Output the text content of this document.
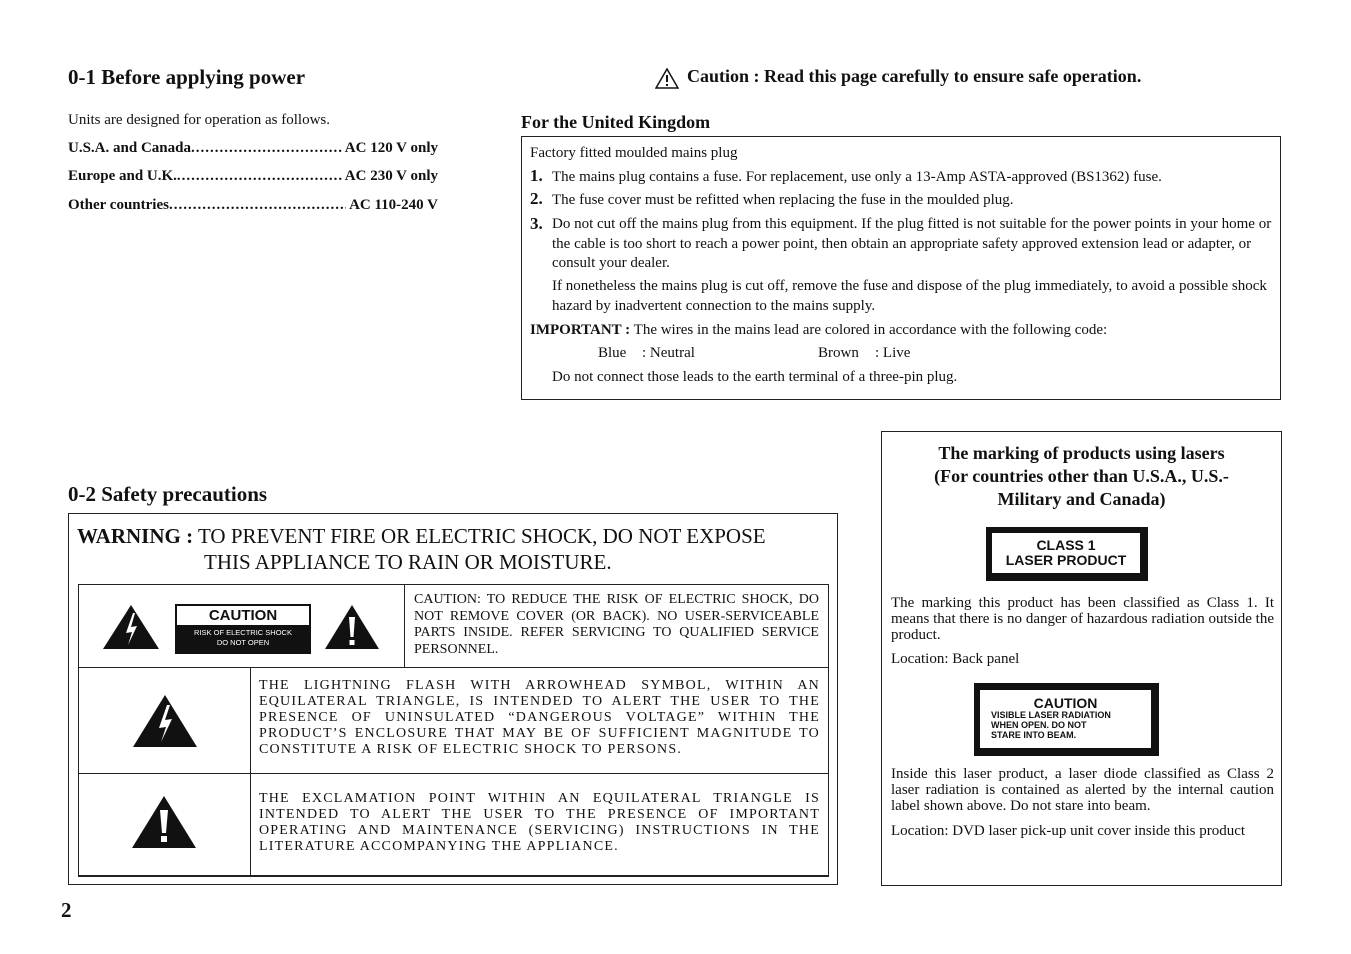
0-1 Before applying power
Units are designed for operation as follows.
U.S.A. and Canada .....	AC 120 V only
Europe and U.K. .....	AC 230 V only
Other countries .....	AC 110-240 V
Caution : Read this page carefully to ensure safe operation.
For the United Kingdom
Factory fitted moulded mains plug
1. The mains plug contains a fuse. For replacement, use only a 13-Amp ASTA-approved (BS1362) fuse.
2. The fuse cover must be refitted when replacing the fuse in the moulded plug.
3. Do not cut off the mains plug from this equipment. If the plug fitted is not suitable for the power points in your home or the cable is too short to reach a power point, then obtain an appropriate safety approved extension lead or adapter, or consult your dealer.
If nonetheless the mains plug is cut off, remove the fuse and dispose of the plug immediately, to avoid a possible shock hazard by inadvertent connection to the mains supply.
IMPORTANT : The wires in the mains lead are colored in accordance with the following code:
Blue : Neutral	Brown : Live
Do not connect those leads to the earth terminal of a three-pin plug.
0-2 Safety precautions
WARNING : TO PREVENT FIRE OR ELECTRIC SHOCK, DO NOT EXPOSE
THIS APPLIANCE TO RAIN OR MOISTURE.
CAUTION
RISK OF ELECTRIC SHOCK
DO NOT OPEN
CAUTION: TO REDUCE THE RISK OF ELECTRIC SHOCK, DO NOT REMOVE COVER (OR BACK). NO USER-SERVICEABLE PARTS INSIDE. REFER SERVICING TO QUALIFIED SERVICE PERSONNEL.
THE LIGHTNING FLASH WITH ARROWHEAD SYMBOL, WITHIN AN EQUILATERAL TRIANGLE, IS INTENDED TO ALERT THE USER TO THE PRESENCE OF UNINSULATED “DANGEROUS VOLTAGE” WITHIN THE PRODUCT’S ENCLOSURE THAT MAY BE OF SUFFICIENT MAGNITUDE TO CONSTITUTE A RISK OF ELECTRIC SHOCK TO PERSONS.
THE EXCLAMATION POINT WITHIN AN EQUILATERAL TRIANGLE IS INTENDED TO ALERT THE USER TO THE PRESENCE OF IMPORTANT OPERATING AND MAINTENANCE (SERVICING) INSTRUCTIONS IN THE LITERATURE ACCOMPANYING THE APPLIANCE.
The marking of products using lasers
(For countries other than U.S.A., U.S.-
Military and Canada)
CLASS 1
LASER PRODUCT
The marking this product has been classified as Class 1. It means that there is no danger of hazardous radiation outside the product.
Location: Back panel
CAUTION
VISIBLE LASER RADIATION
WHEN OPEN. DO NOT
STARE INTO BEAM.
Inside this laser product, a laser diode classified as Class 2 laser radiation is contained as alerted by the internal caution label shown above. Do not stare into beam.
Location: DVD laser pick-up unit cover inside this product
2
